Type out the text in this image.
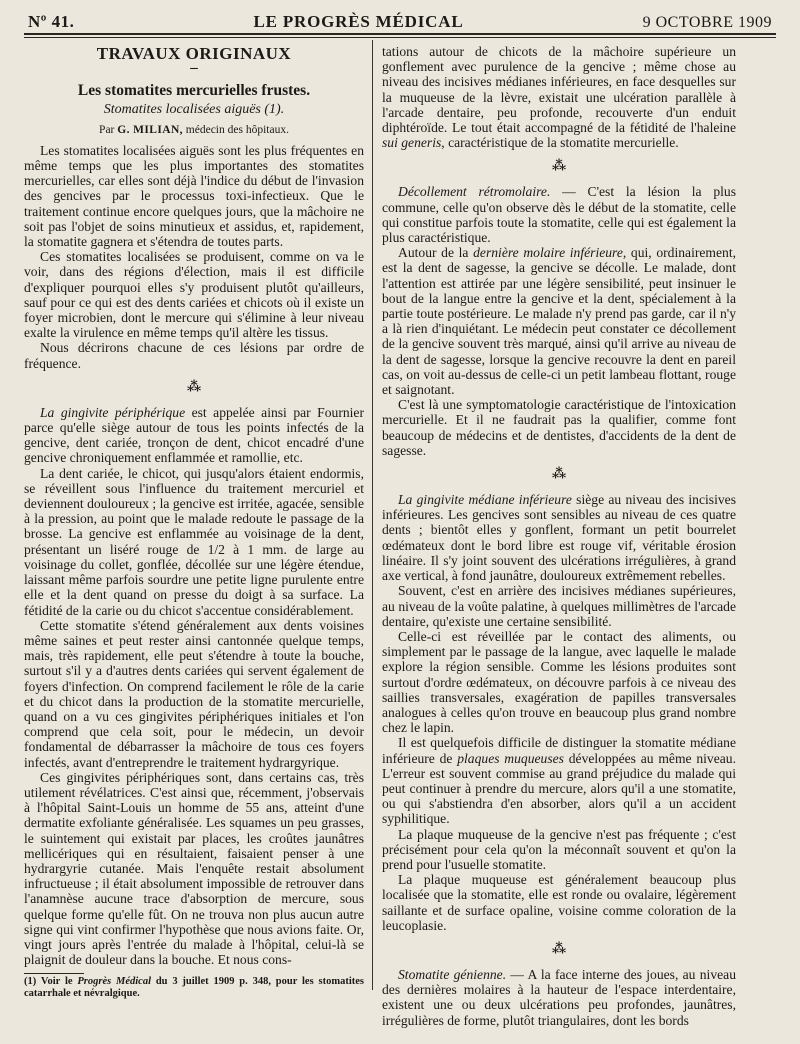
Nº 41.	LE PROGRÈS MÉDICAL	9 OCTOBRE 1909
TRAVAUX ORIGINAUX
–
Les stomatites mercurielles frustes.
Stomatites localisées aiguës (1).
Par G. MILIAN, médecin des hôpitaux.

Les stomatites localisées aiguës sont les plus fréquentes en même temps que les plus importantes des stomatites mercurielles, car elles sont déjà l'indice du début de l'invasion des gencives par le processus toxi-infectieux. Que le traitement continue encore quelques jours, que la mâchoire ne soit pas l'objet de soins minutieux et assidus, et, rapidement, la stomatite gagnera et s'étendra de toutes parts.

Ces stomatites localisées se produisent, comme on va le voir, dans des régions d'élection, mais il est difficile d'expliquer pourquoi elles s'y produisent plutôt qu'ailleurs, sauf pour ce qui est des dents cariées et chicots où il existe un foyer microbien, dont le mercure qui s'élimine à leur niveau exalte la virulence en même temps qu'il altère les tissus.

Nous décrirons chacune de ces lésions par ordre de fréquence.

⁂

La gingivite périphérique est appelée ainsi par Fournier parce qu'elle siège autour de tous les points infectés de la gencive, dent cariée, tronçon de dent, chicot encadré d'une gencive chroniquement enflammée et ramollie, etc.

La dent cariée, le chicot, qui jusqu'alors étaient endormis, se réveillent sous l'influence du traitement mercuriel et deviennent douloureux ; la gencive est irritée, agacée, sensible à la pression, au point que le malade redoute le passage de la brosse. La gencive est enflammée au voisinage de la dent, présentant un liséré rouge de 1/2 à 1 mm. de large au voisinage du collet, gonflée, décollée sur une légère étendue, laissant même parfois sourdre une petite ligne purulente entre elle et la dent quand on presse du doigt à sa surface. La fétidité de la carie ou du chicot s'accentue considérablement.

Cette stomatite s'étend généralement aux dents voisines même saines et peut rester ainsi cantonnée quelque temps, mais, très rapidement, elle peut s'étendre à toute la bouche, surtout s'il y a d'autres dents cariées qui servent également de foyers d'infection. On comprend facilement le rôle de la carie et du chicot dans la production de la stomatite mercurielle, quand on a vu ces gingivites périphériques initiales et l'on comprend que cela soit, pour le médecin, un devoir fondamental de débarrasser la mâchoire de tous ces foyers infectés, avant d'entreprendre le traitement hydrargyrique.

Ces gingivites périphériques sont, dans certains cas, très utilement révélatrices. C'est ainsi que, récemment, j'observais à l'hôpital Saint-Louis un homme de 55 ans, atteint d'une dermatite exfoliante généralisée. Les squames un peu grasses, le suintement qui existait par places, les croûtes jaunâtres mellicériques qui en résultaient, faisaient penser à une hydrargyrie cutanée. Mais l'enquête restait absolument infructueuse ; il était absolument impossible de retrouver dans l'anamnèse aucune trace d'absorption de mercure, sous quelque forme qu'elle fût. On ne trouva non plus aucun autre signe qui vint confirmer l'hypothèse que nous avions faite. Or, vingt jours après l'entrée du malade à l'hôpital, celui-là se plaignit de douleur dans la bouche. Et nous cons-

(1) Voir le Progrès Médical du 3 juillet 1909 p. 348, pour les stomatites catarrhale et névralgique.

tations autour de chicots de la mâchoire supérieure un gonflement avec purulence de la gencive ; même chose au niveau des incisives médianes inférieures, en face desquelles sur la muqueuse de la lèvre, existait une ulcération parallèle à l'arcade dentaire, peu profonde, recouverte d'un enduit diphtéroïde. Le tout était accompagné de la fétidité de l'haleine sui generis, caractéristique de la stomatite mercurielle.

⁂

Décollement rétromolaire. — C'est la lésion la plus commune, celle qu'on observe dès le début de la stomatite, celle qui constitue parfois toute la stomatite, celle qui est également la plus caractéristique.

Autour de la dernière molaire inférieure, qui, ordinairement, est la dent de sagesse, la gencive se décolle. Le malade, dont l'attention est attirée par une légère sensibilité, peut insinuer le bout de la langue entre la gencive et la dent, spécialement à la partie toute postérieure. Le malade n'y prend pas garde, car il n'y a là rien d'inquiétant. Le médecin peut constater ce décollement de la gencive souvent très marqué, ainsi qu'il arrive au niveau de la dent de sagesse, lorsque la gencive recouvre la dent en pareil cas, on voit au-dessus de celle-ci un petit lambeau flottant, rouge et saignotant.

C'est là une symptomatologie caractéristique de l'intoxication mercurielle. Et il ne faudrait pas la qualifier, comme font beaucoup de médecins et de dentistes, d'accidents de la dent de sagesse.

⁂

La gingivite médiane inférieure siège au niveau des incisives inférieures. Les gencives sont sensibles au niveau de ces quatre dents ; bientôt elles y gonflent, formant un petit bourrelet œdémateux dont le bord libre est rouge vif, véritable érosion linéaire. Il s'y joint souvent des ulcérations irrégulières, à grand axe vertical, à fond jaunâtre, douloureux extrêmement rebelles.

Souvent, c'est en arrière des incisives médianes supérieures, au niveau de la voûte palatine, à quelques millimètres de l'arcade dentaire, qu'existe une certaine sensibilité.

Celle-ci est réveillée par le contact des aliments, ou simplement par le passage de la langue, avec laquelle le malade explore la région sensible. Comme les lésions produites sont surtout d'ordre œdémateux, on découvre parfois à ce niveau des saillies transversales, exagération de papilles transversales analogues à celles qu'on trouve en beaucoup plus grand nombre chez le lapin.

Il est quelquefois difficile de distinguer la stomatite médiane inférieure de plaques muqueuses développées au même niveau. L'erreur est souvent commise au grand préjudice du malade qui peut continuer à prendre du mercure, alors qu'il a une stomatite, ou qui s'abstiendra d'en absorber, alors qu'il a un accident syphilitique.

La plaque muqueuse de la gencive n'est pas fréquente ; c'est précisément pour cela qu'on la méconnaît souvent et qu'on la prend pour l'usuelle stomatite.

La plaque muqueuse est généralement beaucoup plus localisée que la stomatite, elle est ronde ou ovalaire, légèrement saillante et de surface opaline, voisine comme coloration de la leucoplasie.

⁂

Stomatite génienne. — A la face interne des joues, au niveau des dernières molaires à la hauteur de l'espace interdentaire, existent une ou deux ulcérations peu profondes, jaunâtres, irrégulières de forme, plutôt triangulaires, dont les bords
